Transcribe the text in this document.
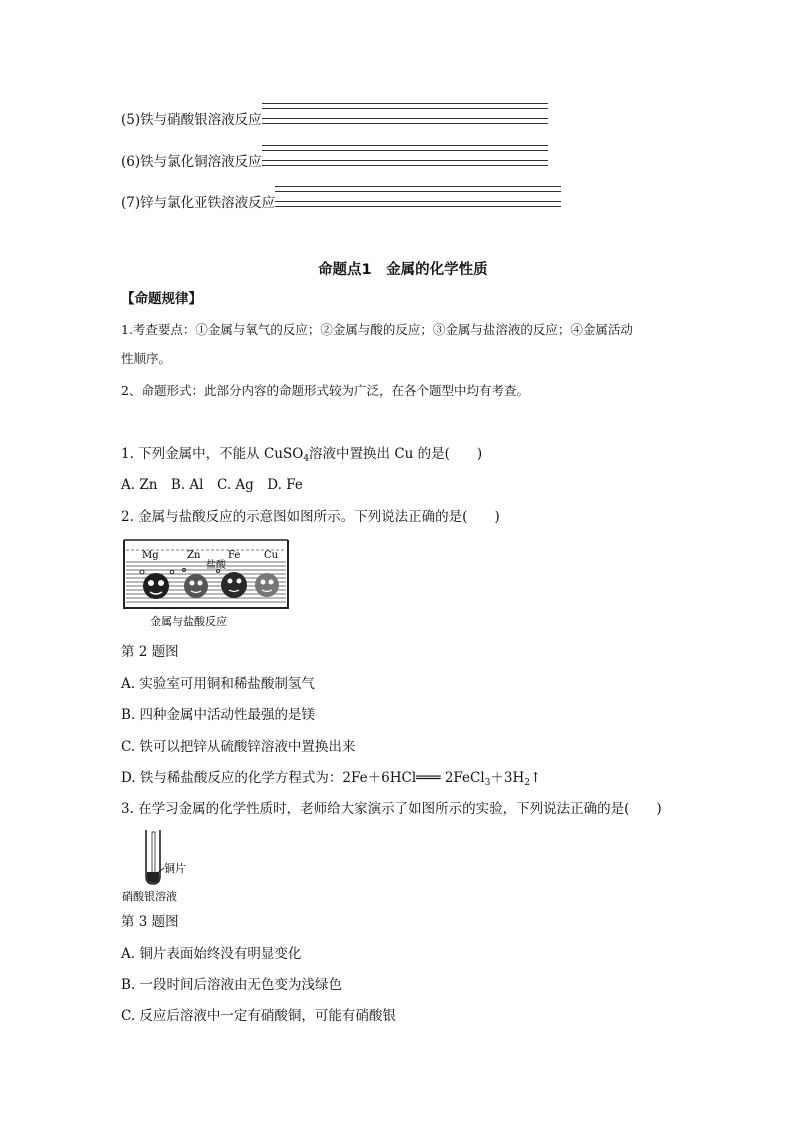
(5)铁与硝酸银溶液反应
(6)铁与氯化铜溶液反应
(7)锌与氯化亚铁溶液反应
命题点1　金属的化学性质
【命题规律】
1.考查要点：①金属与氧气的反应；②金属与酸的反应；③金属与盐溶液的反应；④金属活动
性顺序。
2、命题形式：此部分内容的命题形式较为广泛，在各个题型中均有考查。
1. 下列金属中，不能从 CuSO$_4$溶液中置换出 Cu 的是(　　)
A. Zn　B. Al　C. Ag　D. Fe
2. 金属与盐酸反应的示意图如图所示。下列说法正确的是(　　)
Mg	Zn	Fe Cu
盐酸
金属与盐酸反应
第 2 题图
A. 实验室可用铜和稀盐酸制氢气
B. 四种金属中活动性最强的是镁
C. 铁可以把锌从硫酸锌溶液中置换出来
D. 铁与稀盐酸反应的化学方程式为：2Fe＋6HCl═══ $2FeCl_3+3H_2↑$
3. 在学习金属的化学性质时，老师给大家演示了如图所示的实验，下列说法正确的是(　　)
铜片
硝酸银溶液
第 3 题图
A. 铜片表面始终没有明显变化
B. 一段时间后溶液由无色变为浅绿色
C. 反应后溶液中一定有硝酸铜，可能有硝酸银
